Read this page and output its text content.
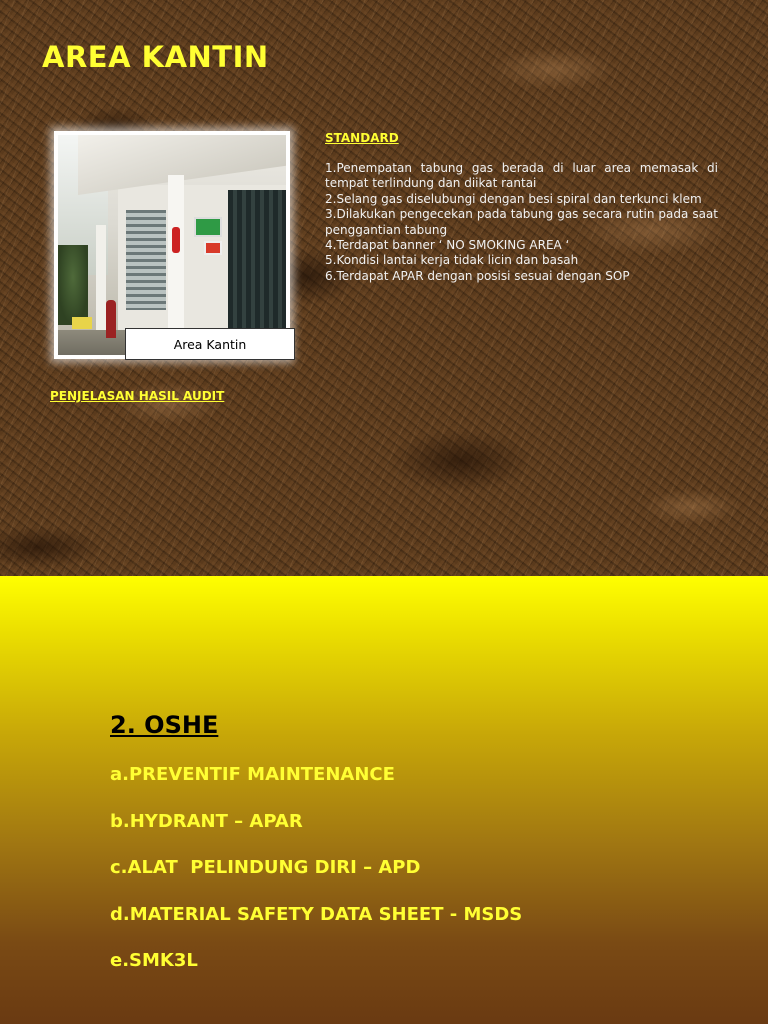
AREA KANTIN
Area Kantin
STANDARD
1.Penempatan tabung gas berada di luar area memasak di tempat terlindung dan diikat rantai
2.Selang gas diselubungi dengan besi spiral dan terkunci klem
3.Dilakukan pengecekan pada tabung gas secara rutin pada saat penggantian tabung
4.Terdapat banner ‘ NO SMOKING AREA ‘
5.Kondisi lantai kerja tidak licin dan basah
6.Terdapat APAR dengan posisi sesuai dengan SOP
PENJELASAN HASIL AUDIT
2. OSHE
a.PREVENTIF MAINTENANCE
b.HYDRANT – APAR
c.ALAT  PELINDUNG DIRI – APD
d.MATERIAL SAFETY DATA SHEET - MSDS
e.SMK3L
